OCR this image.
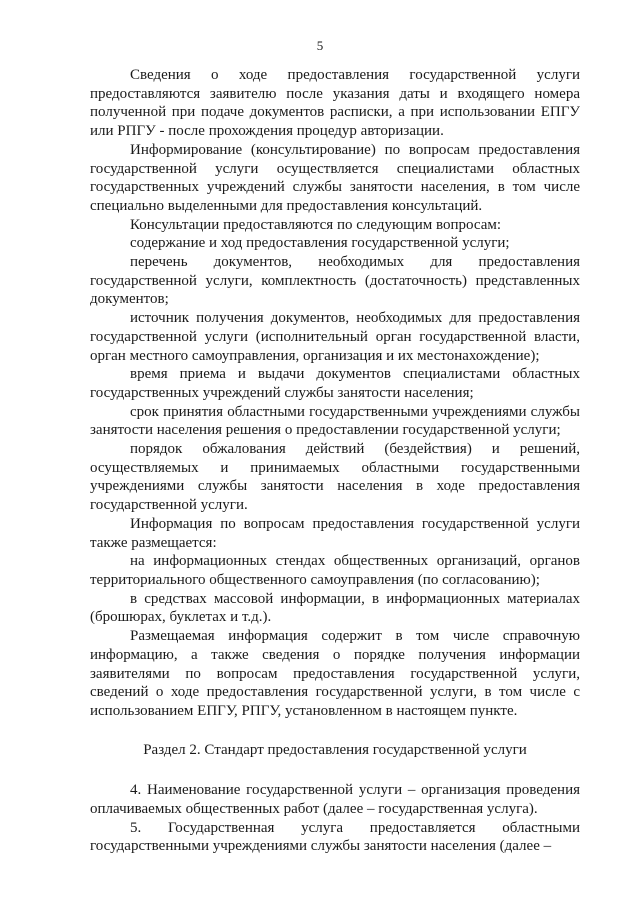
5

Сведения о ходе предоставления государственной услуги предоставляются заявителю после указания даты и входящего номера полученной при подаче документов расписки, а при использовании ЕПГУ или РПГУ - после прохождения процедур авторизации.

Информирование (консультирование) по вопросам предоставления государственной услуги осуществляется специалистами областных государственных учреждений службы занятости населения, в том числе специально выделенными для предоставления консультаций.

Консультации предоставляются по следующим вопросам:

содержание и ход предоставления государственной услуги;

перечень документов, необходимых для предоставления государственной услуги, комплектность (достаточность) представленных документов;

источник получения документов, необходимых для предоставления государственной услуги (исполнительный орган государственной власти, орган местного самоуправления, организация и их местонахождение);

время приема и выдачи документов специалистами областных государственных учреждений службы занятости населения;

срок принятия областными государственными учреждениями службы занятости населения решения о предоставлении государственной услуги;

порядок обжалования действий (бездействия) и решений, осуществляемых и принимаемых областными государственными учреждениями службы занятости населения в ходе предоставления государственной услуги.

Информация по вопросам предоставления государственной услуги также размещается:

на информационных стендах общественных организаций, органов территориального общественного самоуправления (по согласованию);

в средствах массовой информации, в информационных материалах (брошюрах, буклетах и т.д.).

Размещаемая информация содержит в том числе справочную информацию, а также сведения о порядке получения информации заявителями по вопросам предоставления государственной услуги, сведений о ходе предоставления государственной услуги, в том числе с использованием ЕПГУ, РПГУ, установленном в настоящем пункте.

Раздел 2. Стандарт предоставления государственной услуги

4. Наименование государственной услуги – организация проведения оплачиваемых общественных работ (далее – государственная услуга).

5. Государственная услуга предоставляется областными государственными учреждениями службы занятости населения (далее –
